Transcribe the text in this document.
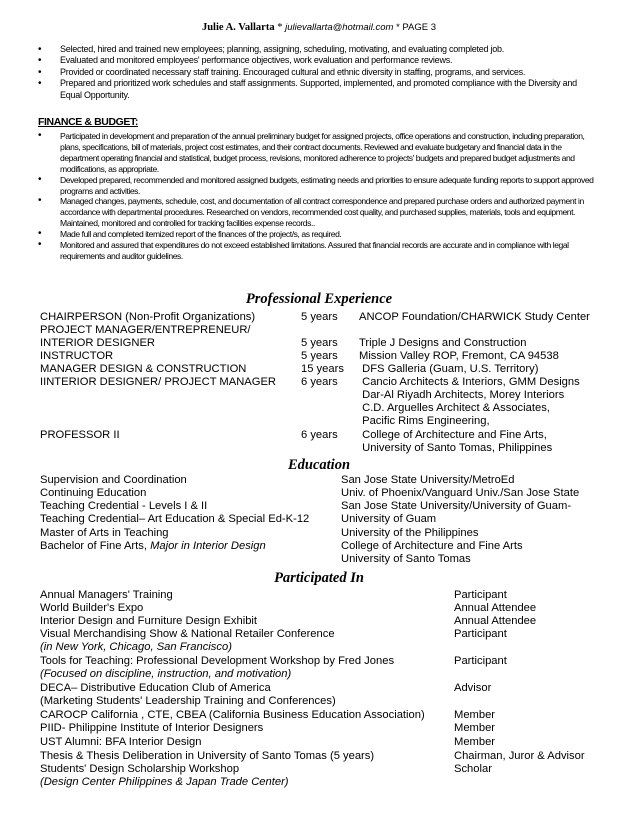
Julie A. Vallarta * julievallarta@hotmail.com * PAGE 3
• Selected, hired and trained new employees; planning, assigning, scheduling, motivating, and evaluating completed job.
• Evaluated and monitored employees' performance objectives, work evaluation and performance reviews.
• Provided or coordinated necessary staff training. Encouraged cultural and ethnic diversity in staffing, programs, and services.
• Prepared and prioritized work schedules and staff assignments. Supported, implemented, and promoted compliance with the Diversity and Equal Opportunity.
FINANCE & BUDGET:
• Participated in development and preparation of the annual preliminary budget for assigned projects, office operations and construction, including preparation, plans, specifications, bill of materials, project cost estimates, and their contract documents. Reviewed and evaluate budgetary and financial data in the department operating financial and statistical, budget process, revisions, monitored adherence to projects' budgets and prepared budget adjustments and modifications, as appropriate.
• Developed prepared, recommended and monitored assigned budgets, estimating needs and priorities to ensure adequate funding reports to support approved programs and activities.
• Managed changes, payments, schedule, cost, and documentation of all contract correspondence and prepared purchase orders and authorized payment in accordance with departmental procedures. Researched on vendors, recommended cost quality, and purchased supplies, materials, tools and equipment. Maintained, monitored and controlled for tracking facilities expense records..
• Made full and completed itemized report of the finances of the project/s, as required.
• Monitored and assured that expenditures do not exceed established limitations. Assured that financial records are accurate and in compliance with legal requirements and auditor guidelines.
Professional Experience
CHAIRPERSON (Non-Profit Organizations)	5 years ANCOP Foundation/CHARWICK Study Center
PROJECT MANAGER/ENTREPRENEUR/
INTERIOR DESIGNER	5 years Triple J Designs and Construction
INSTRUCTOR	5 years Mission Valley ROP, Fremont, CA 94538
MANAGER DESIGN & CONSTRUCTION	15 years DFS Galleria (Guam, U.S. Territory)
IINTERIOR DESIGNER/ PROJECT MANAGER 6 years Cancio Architects & Interiors, GMM Designs
Dar-Al Riyadh Architects, Morey Interiors
C.D. Arguelles Architect & Associates,
Pacific Rims Engineering,
PROFESSOR II	6 years College of Architecture and Fine Arts,
University of Santo Tomas, Philippines
Education
Supervision and Coordination	San Jose State University/MetroEd
Continuing Education	Univ. of Phoenix/Vanguard Univ./San Jose State
Teaching Credential - Levels I & II	San Jose State University/University of Guam-
Teaching Credential– Art Education & Special Ed-K-12	University of Guam
Master of Arts in Teaching	University of the Philippines
Bachelor of Fine Arts, Major in Interior Design	College of Architecture and Fine Arts
University of Santo Tomas
Participated In
Annual Managers' Training	Participant
World Builder's Expo	Annual Attendee
Interior Design and Furniture Design Exhibit	Annual Attendee
Visual Merchandising Show & National Retailer Conference	Participant
(in New York, Chicago, San Francisco)
Tools for Teaching: Professional Development Workshop by Fred Jones	Participant
(Focused on discipline, instruction, and motivation)
DECA– Distributive Education Club of America	Advisor
(Marketing Students' Leadership Training and Conferences)
CAROCP California , CTE, CBEA (California Business Education Association)	Member
PIID- Philippine Institute of Interior Designers	Member
UST Alumni: BFA Interior Design	Member
Thesis & Thesis Deliberation in University of Santo Tomas (5 years)	Chairman, Juror & Advisor
Students' Design Scholarship Workshop	Scholar
(Design Center Philippines & Japan Trade Center)
